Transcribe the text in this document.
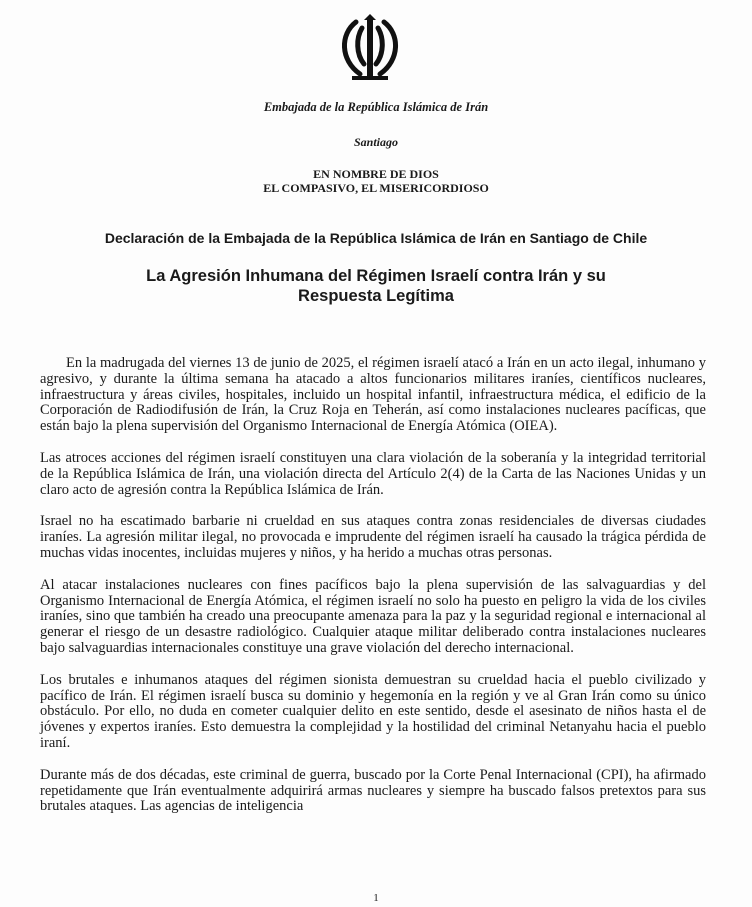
Embajada de la República Islámica de Irán
Santiago
EN NOMBRE DE DIOS
EL COMPASIVO, EL MISERICORDIOSO
Declaración de la Embajada de la República Islámica de Irán en Santiago de Chile
La Agresión Inhumana del Régimen Israelí contra Irán y su
Respuesta Legítima

En la madrugada del viernes 13 de junio de 2025, el régimen israelí atacó a Irán en un acto ilegal, inhumano y agresivo, y durante la última semana ha atacado a altos funcionarios militares iraníes, científicos nucleares, infraestructura y áreas civiles, hospitales, incluido un hospital infantil, infraestructura médica, el edificio de la Corporación de Radiodifusión de Irán, la Cruz Roja en Teherán, así como instalaciones nucleares pacíficas, que están bajo la plena supervisión del Organismo Internacional de Energía Atómica (OIEA).

Las atroces acciones del régimen israelí constituyen una clara violación de la soberanía y la integridad territorial de la República Islámica de Irán, una violación directa del Artículo 2(4) de la Carta de las Naciones Unidas y un claro acto de agresión contra la República Islámica de Irán.

Israel no ha escatimado barbarie ni crueldad en sus ataques contra zonas residenciales de diversas ciudades iraníes. La agresión militar ilegal, no provocada e imprudente del régimen israelí ha causado la trágica pérdida de muchas vidas inocentes, incluidas mujeres y niños, y ha herido a muchas otras personas.

Al atacar instalaciones nucleares con fines pacíficos bajo la plena supervisión de las salvaguardias y del Organismo Internacional de Energía Atómica, el régimen israelí no solo ha puesto en peligro la vida de los civiles iraníes, sino que también ha creado una preocupante amenaza para la paz y la seguridad regional e internacional al generar el riesgo de un desastre radiológico. Cualquier ataque militar deliberado contra instalaciones nucleares bajo salvaguardias internacionales constituye una grave violación del derecho internacional.

Los brutales e inhumanos ataques del régimen sionista demuestran su crueldad hacia el pueblo civilizado y pacífico de Irán. El régimen israelí busca su dominio y hegemonía en la región y ve al Gran Irán como su único obstáculo. Por ello, no duda en cometer cualquier delito en este sentido, desde el asesinato de niños hasta el de jóvenes y expertos iraníes. Esto demuestra la complejidad y la hostilidad del criminal Netanyahu hacia el pueblo iraní.

Durante más de dos décadas, este criminal de guerra, buscado por la Corte Penal Internacional (CPI), ha afirmado repetidamente que Irán eventualmente adquirirá armas nucleares y siempre ha buscado falsos pretextos para sus brutales ataques. Las agencias de inteligencia

1
